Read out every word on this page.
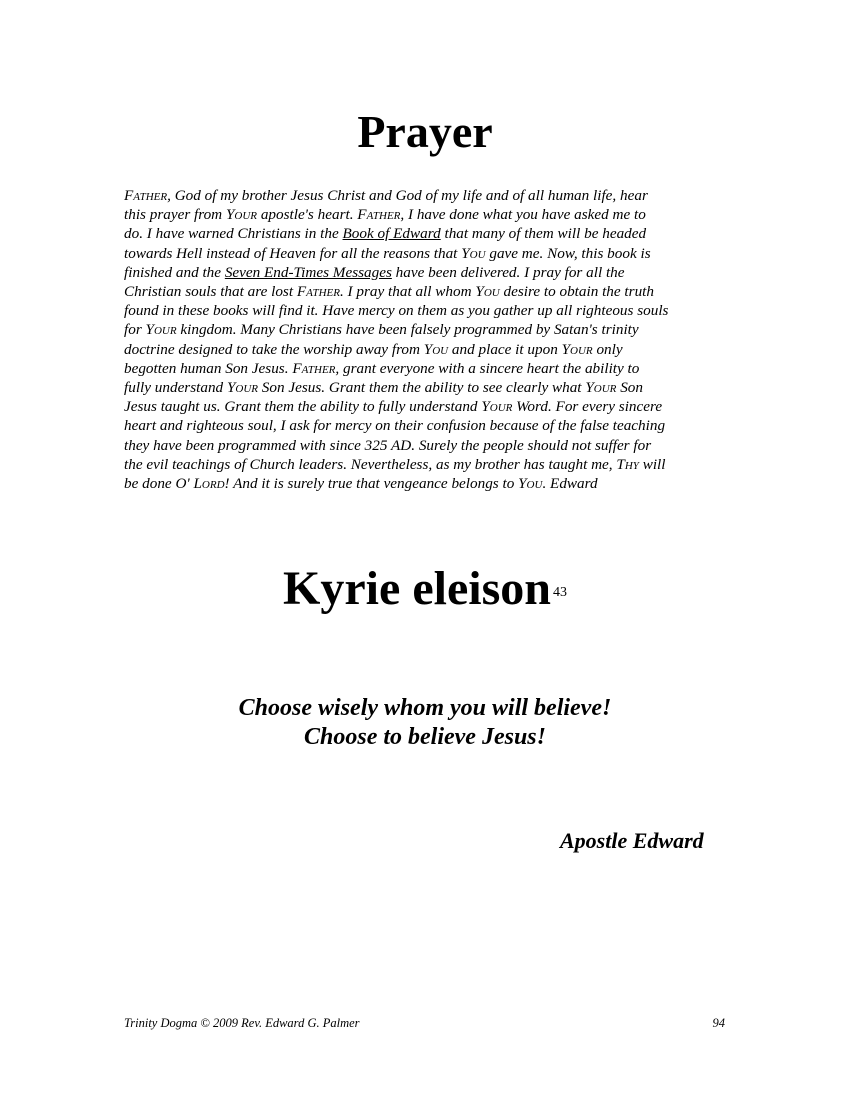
Prayer
Father, God of my brother Jesus Christ and God of my life and of all human life, hear
this prayer from Your apostle's heart. Father, I have done what you have asked me to
do. I have warned Christians in the Book of Edward that many of them will be headed
towards Hell instead of Heaven for all the reasons that You gave me. Now, this book is
finished and the Seven End-Times Messages have been delivered. I pray for all the
Christian souls that are lost Father. I pray that all whom You desire to obtain the truth
found in these books will find it. Have mercy on them as you gather up all righteous souls
for Your kingdom. Many Christians have been falsely programmed by Satan's trinity
doctrine designed to take the worship away from You and place it upon Your only
begotten human Son Jesus. Father, grant everyone with a sincere heart the ability to
fully understand Your Son Jesus. Grant them the ability to see clearly what Your Son
Jesus taught us. Grant them the ability to fully understand Your Word. For every sincere
heart and righteous soul, I ask for mercy on their confusion because of the false teaching
they have been programmed with since 325 AD. Surely the people should not suffer for
the evil teachings of Church leaders. Nevertheless, as my brother has taught me, Thy will
be done O' Lord! And it is surely true that vengeance belongs to You. Edward
Kyrie eleison $^{43}$

Choose wisely whom you will believe!

Choose to believe Jesus!

Apostle Edward

Trinity Dogma © 2009 Rev. Edward G. Palmer	94
